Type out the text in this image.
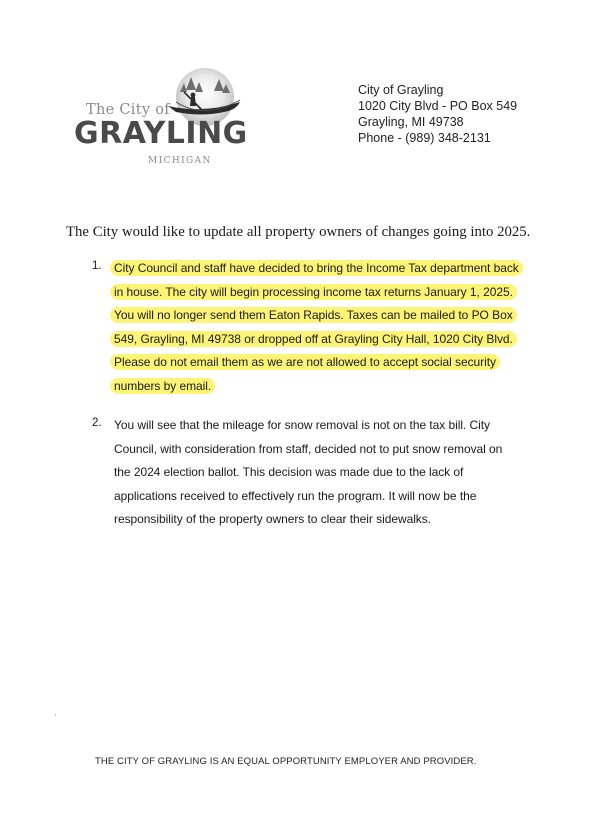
The City of
GRAYLING
MICHIGAN
City of Grayling
1020 City Blvd - PO Box 549
Grayling, MI 49738
Phone - (989) 348-2131
The City would like to update all property owners of changes going into 2025.
1. City Council and staff have decided to bring the Income Tax department back
in house. The city will begin processing income tax returns January 1, 2025.
You will no longer send them Eaton Rapids. Taxes can be mailed to PO Box
549, Grayling, MI 49738 or dropped off at Grayling City Hall, 1020 City Blvd.
Please do not email them as we are not allowed to accept social security
numbers by email.
2. You will see that the mileage for snow removal is not on the tax bill. City
Council, with consideration from staff, decided not to put snow removal on
the 2024 election ballot. This decision was made due to the lack of
applications received to effectively run the program. It will now be the
responsibility of the property owners to clear their sidewalks.
THE CITY OF GRAYLING IS AN EQUAL OPPORTUNITY EMPLOYER AND PROVIDER.
